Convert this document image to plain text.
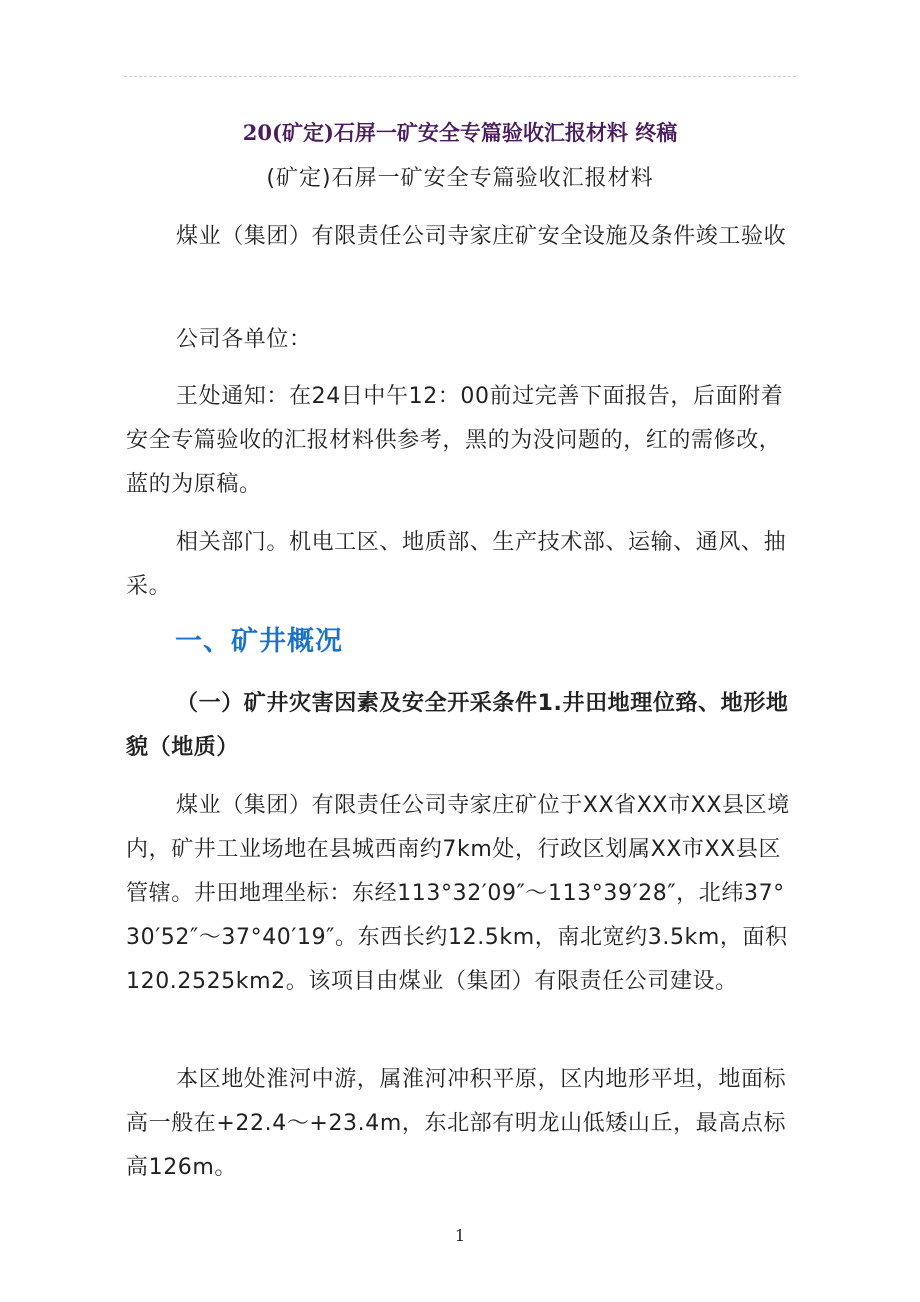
20(矿定)石屏一矿安全专篇验收汇报材料 终稿
(矿定)石屏一矿安全专篇验收汇报材料

煤业（集团）有限责任公司寺家庄矿安全设施及条件竣工验收

公司各单位：

王处通知：在24日中午12：00前过完善下面报告，后面附着安全专篇验收的汇报材料供参考，黑的为没问题的，红的需修改，蓝的为原稿。

相关部门。机电工区、地质部、生产技术部、运输、通风、抽采。

一、矿井概况

（一）矿井灾害因素及安全开采条件1.井田地理位臵、地形地貌（地质）

煤业（集团）有限责任公司寺家庄矿位于XX省XX市XX县区境内，矿井工业场地在县城西南约7km处，行政区划属XX市XX县区管辖。井田地理坐标：东经113°32′09″～113°39′28″，北纬37°30′52″～37°40′19″。东西长约12.5km，南北宽约3.5km，面积120.2525km2。该项目由煤业（集团）有限责任公司建设。

本区地处淮河中游，属淮河冲积平原，区内地形平坦，地面标高一般在+22.4～+23.4m，东北部有明龙山低矮山丘，最高点标高126m。

1
